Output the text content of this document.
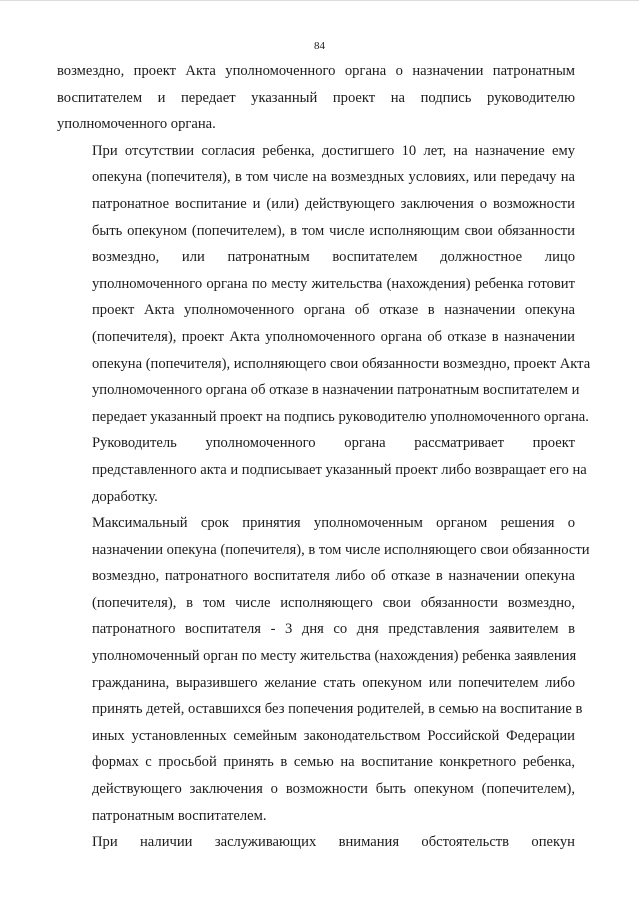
84

возмездно, проект Акта уполномоченного органа о назначении патронатным
воспитателем и передает указанный проект на подпись руководителю
уполномоченного органа.

При отсутствии согласия ребенка, достигшего 10 лет, на назначение ему
опекуна (попечителя), в том числе на возмездных условиях, или передачу на
патронатное воспитание и (или) действующего заключения о возможности
быть опекуном (попечителем), в том числе исполняющим свои обязанности
возмездно, или патронатным воспитателем должностное лицо
уполномоченного органа по месту жительства (нахождения) ребенка готовит
проект Акта уполномоченного органа об отказе в назначении опекуна
(попечителя), проект Акта уполномоченного органа об отказе в назначении
опекуна (попечителя), исполняющего свои обязанности возмездно, проект Акта
уполномоченного органа об отказе в назначении патронатным воспитателем и
передает указанный проект на подпись руководителю уполномоченного органа.

Руководитель уполномоченного органа рассматривает проект
представленного акта и подписывает указанный проект либо возвращает его на
доработку.

Максимальный срок принятия уполномоченным органом решения о
назначении опекуна (попечителя), в том числе исполняющего свои обязанности
возмездно, патронатного воспитателя либо об отказе в назначении опекуна
(попечителя), в том числе исполняющего свои обязанности возмездно,
патронатного воспитателя - 3 дня со дня представления заявителем в
уполномоченный орган по месту жительства (нахождения) ребенка заявления
гражданина, выразившего желание стать опекуном или попечителем либо
принять детей, оставшихся без попечения родителей, в семью на воспитание в
иных установленных семейным законодательством Российской Федерации
формах с просьбой принять в семью на воспитание конкретного ребенка,
действующего заключения о возможности быть опекуном (попечителем),
патронатным воспитателем.

При наличии заслуживающих внимания обстоятельств опекун
